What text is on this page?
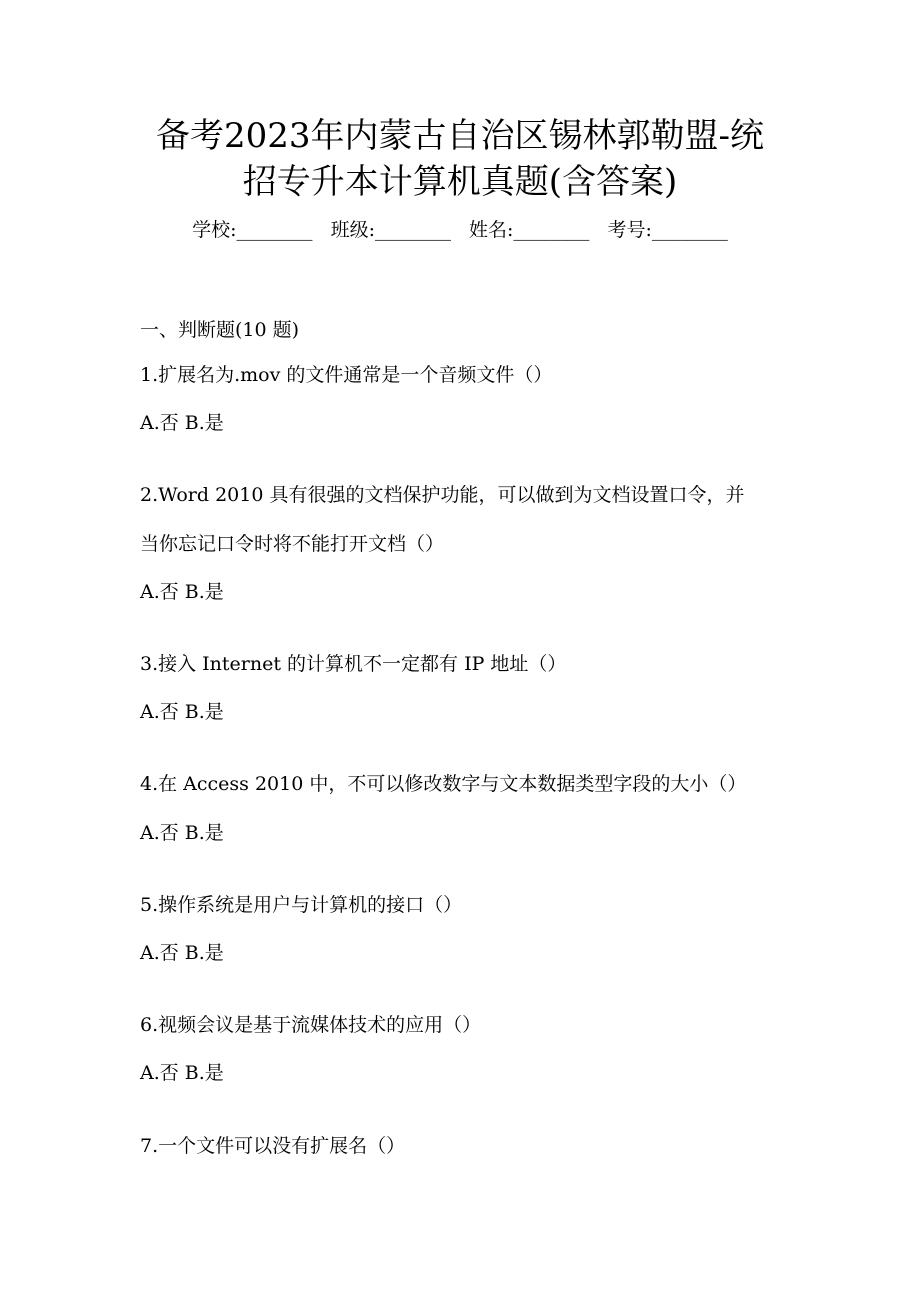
备考2023年内蒙古自治区锡林郭勒盟-统
招专升本计算机真题(含答案)
学校:________ 班级:________ 姓名:________ 考号:________
一、判断题(10 题)
1.扩展名为.mov 的文件通常是一个音频文件（）
A.否 B.是
2.Word 2010 具有很强的文档保护功能，可以做到为文档设置口令，并
当你忘记口令时将不能打开文档（）
A.否 B.是
3.接入 Internet 的计算机不一定都有 IP 地址（）
A.否 B.是
4.在 Access 2010 中，不可以修改数字与文本数据类型字段的大小（）
A.否 B.是
5.操作系统是用户与计算机的接口（）
A.否 B.是
6.视频会议是基于流媒体技术的应用（）
A.否 B.是
7.一个文件可以没有扩展名（）
